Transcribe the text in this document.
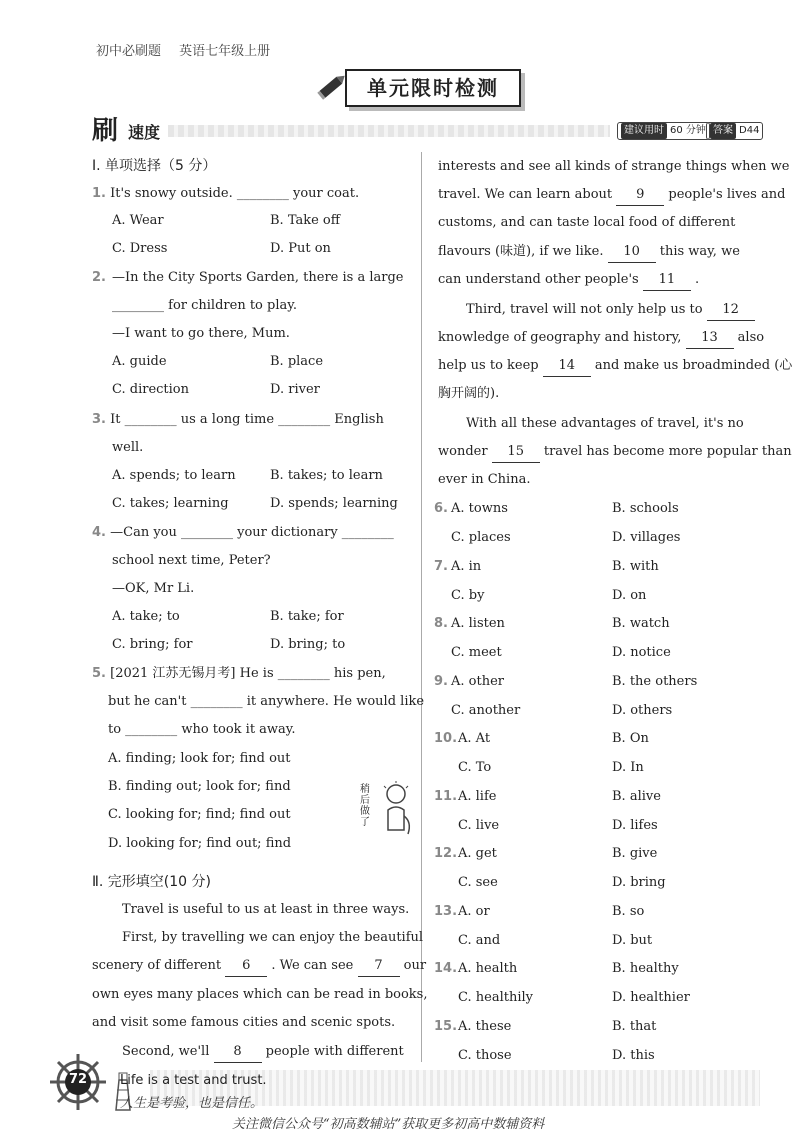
初中必刷题 英语七年级上册
单元限时检测
刷 速度	建议用时 60 分钟 答案 D44
Ⅰ. 单项选择（5 分）
1. It's snowy outside. ________ your coat.
A. Wear	B. Take off
C. Dress	D. Put on
2. —In the City Sports Garden, there is a large
________ for children to play.
—I want to go there, Mum.
A. guide	B. place
C. direction	D. river
3. It ________ us a long time ________ English
well.
A. spends; to learn	B. takes; to learn
C. takes; learning	D. spends; learning
4. —Can you ________ your dictionary ________
school next time, Peter?
—OK, Mr Li.
A. take; to	B. take; for
C. bring; for	D. bring; to
5. [2021 江苏无锡月考] He is ________ his pen,
but he can't ________ it anywhere. He would like
to ________ who took it away.
A. finding; look for; find out
B. finding out; look for; find
C. looking for; find; find out
D. looking for; find out; find
稍后做了
Ⅱ. 完形填空(10 分)
Travel is useful to us at least in three ways.
First, by travelling we can enjoy the beautiful
scenery of different 6 . We can see 7 our
own eyes many places which can be read in books,
and visit some famous cities and scenic spots.
Second, we'll 8 people with different
interests and see all kinds of strange things when we
travel. We can learn about 9 people's lives and
customs, and can taste local food of different
flavours (味道), if we like. 10 this way, we
can understand other people's 11 .
Third, travel will not only help us to 12
knowledge of geography and history, 13 also
help us to keep 14 and make us broadminded (心
胸开阔的).
With all these advantages of travel, it's no
wonder 15 travel has become more popular than
ever in China.
6. A. towns	B. schools
C. places	D. villages
7. A. in	B. with
C. by	D. on
8. A. listen	B. watch
C. meet	D. notice
9. A. other	B. the others
C. another	D. others
10. A. At	B. On
C. To	D. In
11. A. life	B. alive
C. live	D. lifes
12. A. get	B. give
C. see	D. bring
13. A. or	B. so
C. and	D. but
14. A. health	B. healthy
C. healthily	D. healthier
15. A. these	B. that
C. those	D. this
72	Life is a test and trust.
人生是考验，也是信任。
关注微信公众号“初高数辅站”获取更多初高中数辅资料
